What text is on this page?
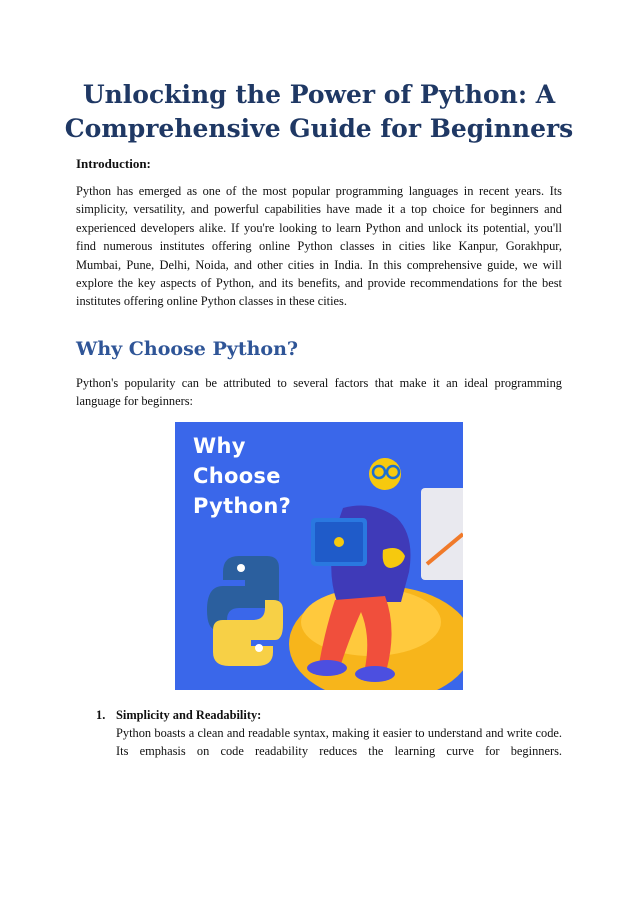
Unlocking the Power of Python: A Comprehensive Guide for Beginners

Introduction:

Python has emerged as one of the most popular programming languages in recent years. Its simplicity, versatility, and powerful capabilities have made it a top choice for beginners and experienced developers alike. If you're looking to learn Python and unlock its potential, you'll find numerous institutes offering online Python classes in cities like Kanpur, Gorakhpur, Mumbai, Pune, Delhi, Noida, and other cities in India. In this comprehensive guide, we will explore the key aspects of Python, and its benefits, and provide recommendations for the best institutes offering online Python classes in these cities.

Why Choose Python?

Python's popularity can be attributed to several factors that make it an ideal programming language for beginners:

Why
Choose
Python?
1. Simplicity and Readability:

Python boasts a clean and readable syntax, making it easier to understand and write code. Its emphasis on code readability reduces the learning curve for beginners.
